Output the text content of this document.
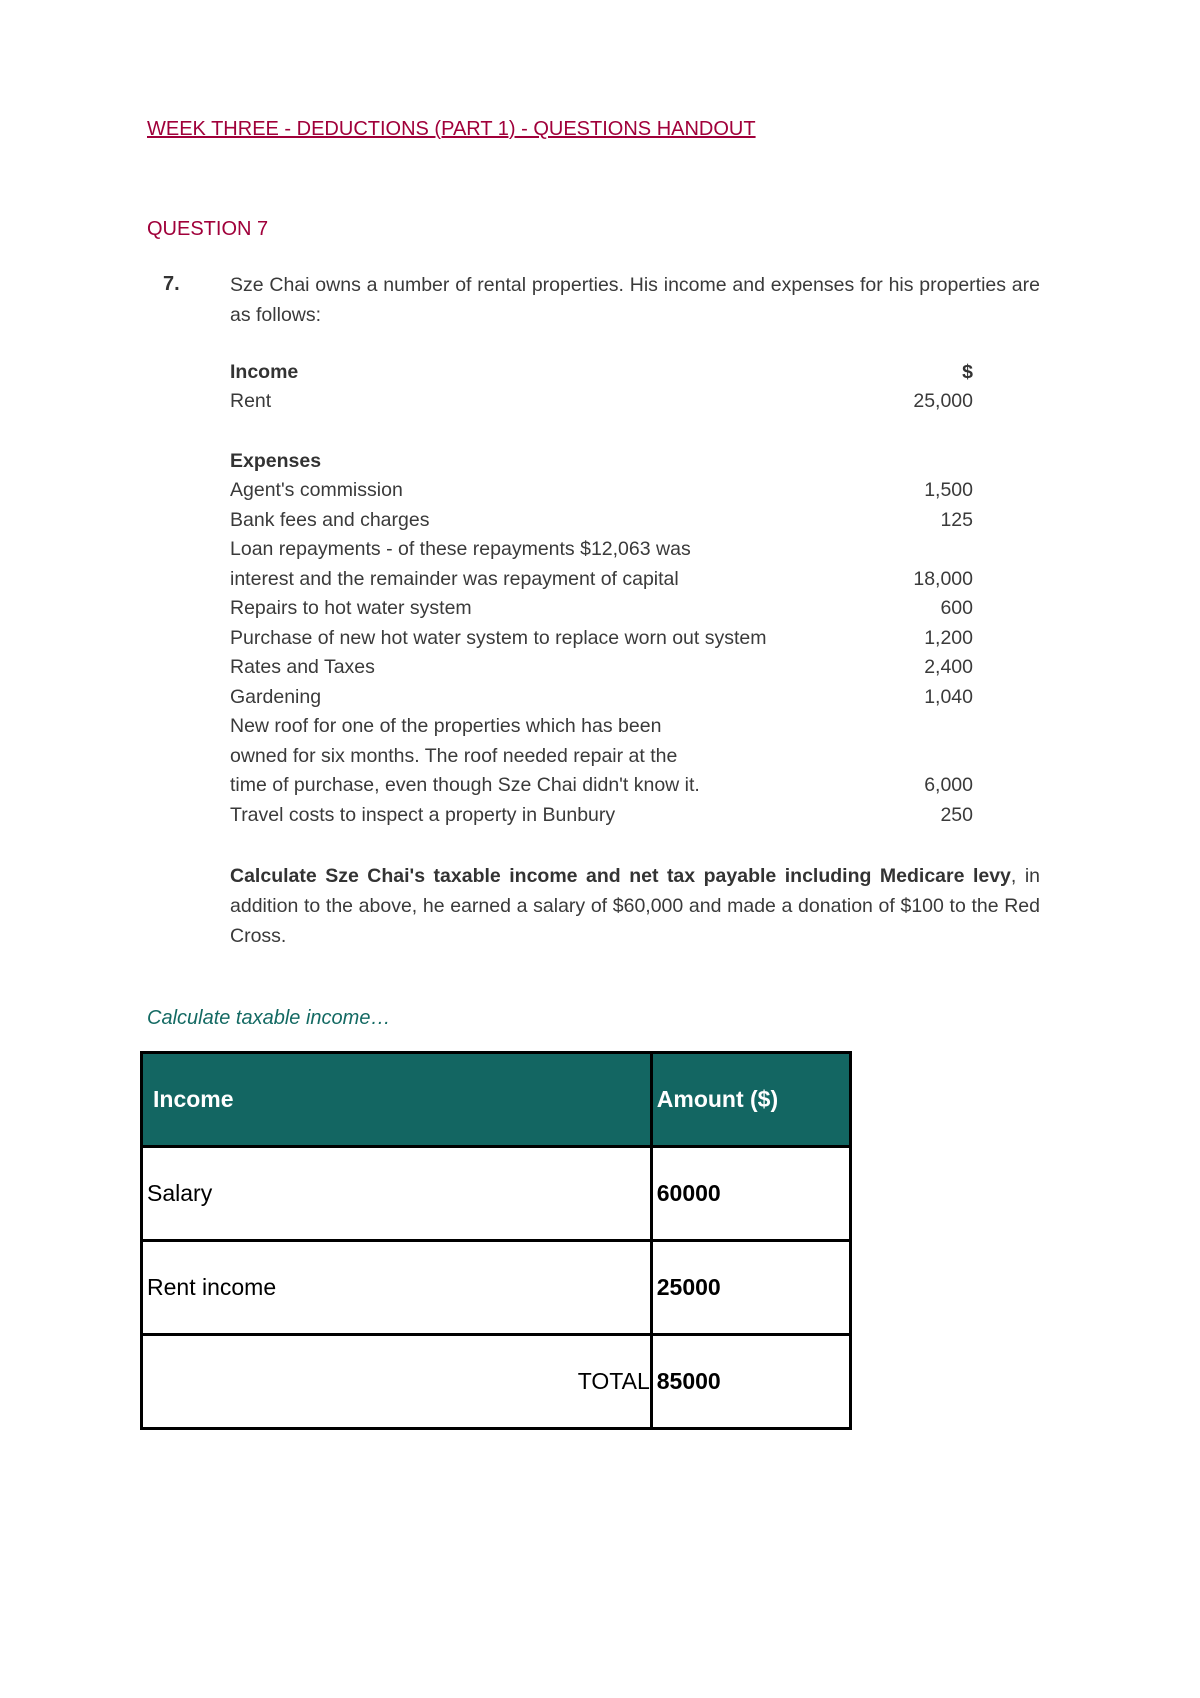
WEEK THREE - DEDUCTIONS (PART 1) - QUESTIONS HANDOUT
QUESTION 7
7.	Sze Chai owns a number of rental properties. His income and expenses for his properties are as follows:
Income	$
Rent	25,000
Expenses
Agent's commission	1,500
Bank fees and charges	125
Loan repayments - of these repayments $12,063 was
interest and the remainder was repayment of capital	18,000
Repairs to hot water system	600
Purchase of new hot water system to replace worn out system	1,200
Rates and Taxes	2,400
Gardening	1,040
New roof for one of the properties which has been
owned for six months. The roof needed repair at the
time of purchase, even though Sze Chai didn't know it.	6,000
Travel costs to inspect a property in Bunbury	250
Calculate Sze Chai's taxable income and net tax payable including Medicare levy, in addition to the above, he earned a salary of $60,000 and made a donation of $100 to the Red Cross.
Calculate taxable income…
Income	Amount ($)
Salary	60000
Rent income	25000
TOTAL	85000
